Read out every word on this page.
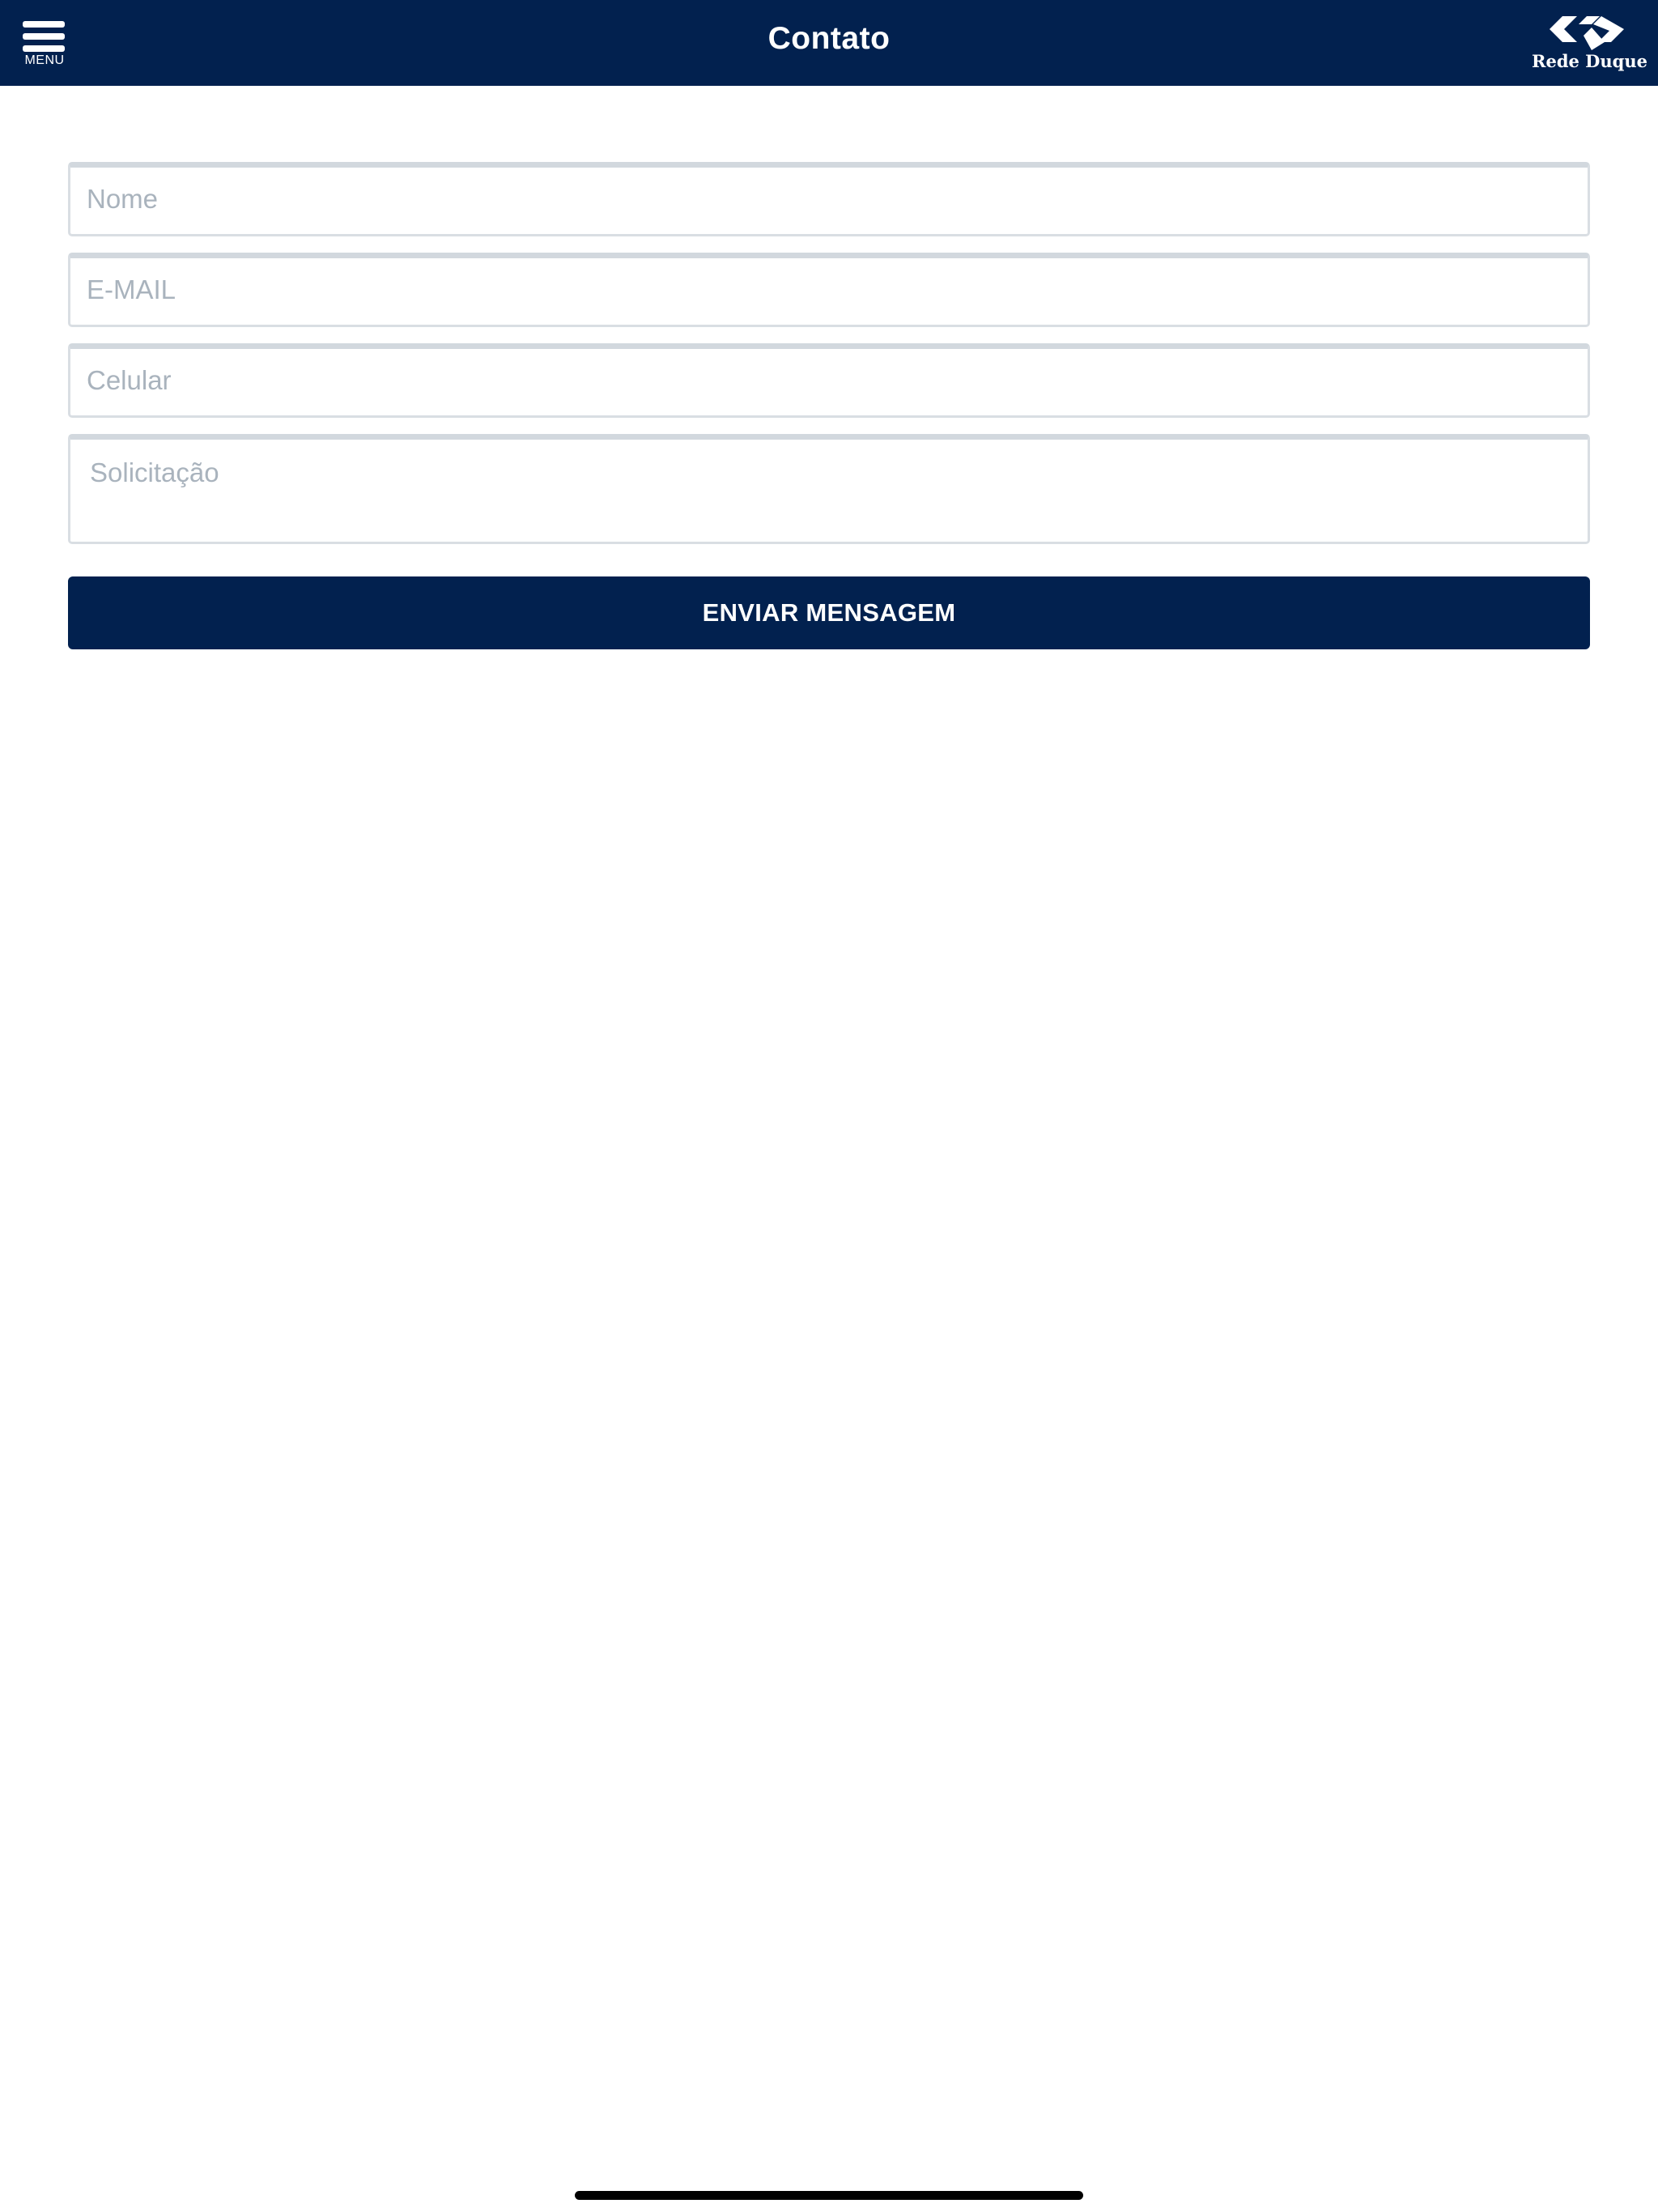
MENU
Contato
Rede Duque
Nome
E-MAIL
Celular
Solicitação
ENVIAR MENSAGEM
